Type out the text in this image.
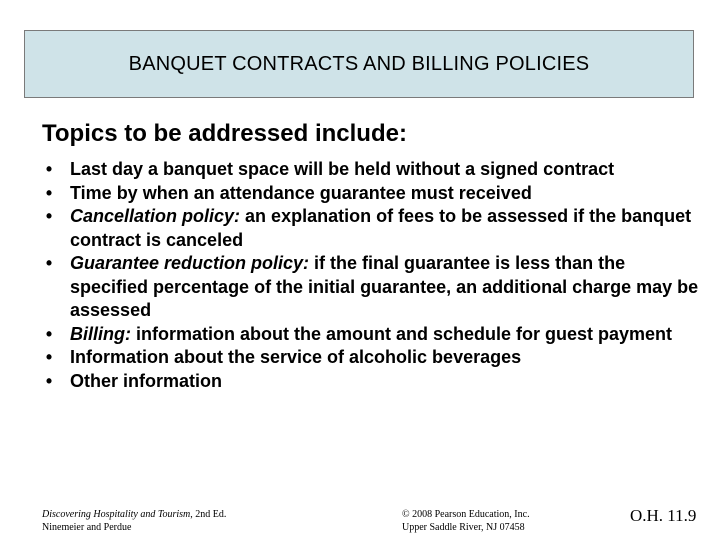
BANQUET CONTRACTS AND BILLING POLICIES
Topics to be addressed include:
• Last day a banquet space will be held without a signed contract
• Time by when an attendance guarantee must received
• Cancellation policy: an explanation of fees to be assessed if the banquet contract is canceled
• Guarantee reduction policy: if the final guarantee is less than the specified percentage of the initial guarantee, an additional charge may be assessed
• Billing: information about the amount and schedule for guest payment
• Information about the service of alcoholic beverages
• Other information
Discovering Hospitality and Tourism, 2nd Ed.
Ninemeier and Perdue
© 2008 Pearson Education, Inc.
Upper Saddle River, NJ 07458
O.H. 11.9
